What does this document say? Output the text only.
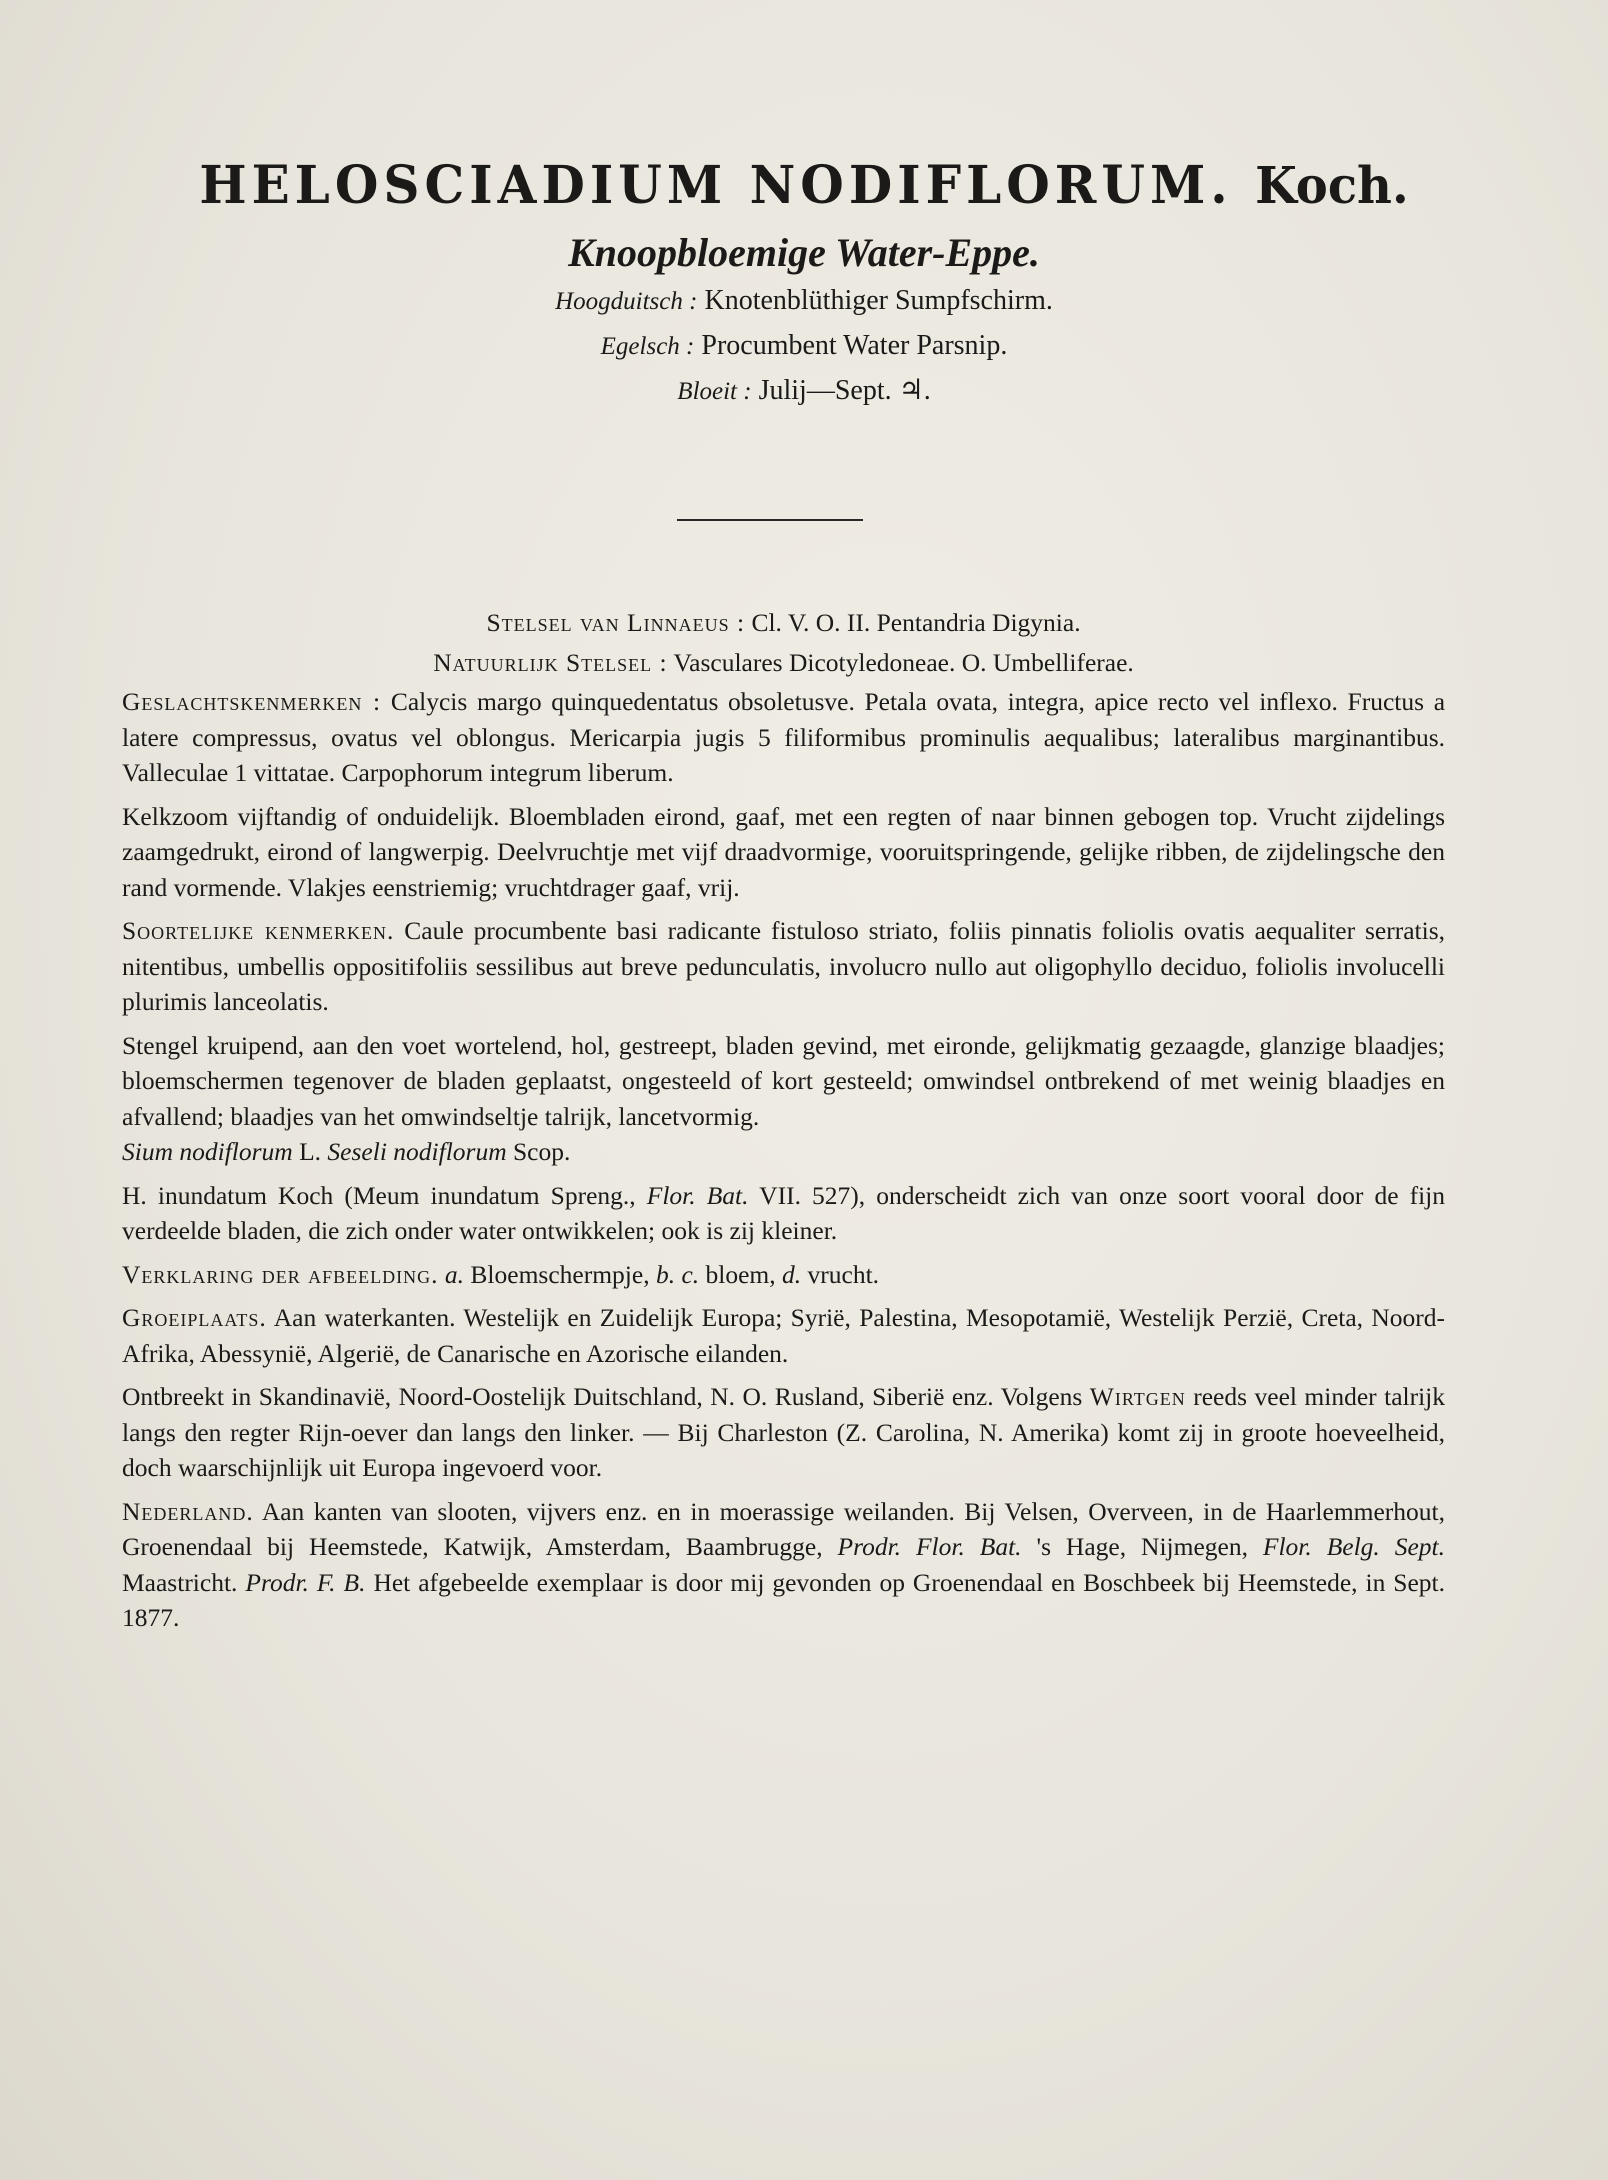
HELOSCIADIUM NODIFLORUM. Koch.

Knoopbloemige Water-Eppe.

Hoogduitsch : Knotenblüthiger Sumpfschirm.

Egelsch : Procumbent Water Parsnip.

Bloeit : Julij—Sept. ♃.

Stelsel van Linnaeus : Cl. V. O. II. Pentandria Digynia.

Natuurlijk Stelsel : Vasculares Dicotyledoneae. O. Umbelliferae.

Geslachtskenmerken : Calycis margo quinquedentatus obsoletusve. Petala ovata, integra, apice recto vel inflexo. Fructus a latere compressus, ovatus vel oblongus. Mericarpia jugis 5 filiformibus prominulis aequalibus; lateralibus marginantibus. Valleculae 1 vittatae. Carpophorum integrum liberum.

Kelkzoom vijftandig of onduidelijk. Bloembladen eirond, gaaf, met een regten of naar binnen gebogen top. Vrucht zijdelings zaamgedrukt, eirond of langwerpig. Deelvruchtje met vijf draadvormige, vooruitspringende, gelijke ribben, de zijdelingsche den rand vormende. Vlakjes eenstriemig; vruchtdrager gaaf, vrij.

Soortelijke kenmerken. Caule procumbente basi radicante fistuloso striato, foliis pinnatis foliolis ovatis aequaliter serratis, nitentibus, umbellis oppositifoliis sessilibus aut breve pedunculatis, involucro nullo aut oligophyllo deciduo, foliolis involucelli plurimis lanceolatis.

Stengel kruipend, aan den voet wortelend, hol, gestreept, bladen gevind, met eironde, gelijkmatig gezaagde, glanzige blaadjes; bloemschermen tegenover de bladen geplaatst, ongesteeld of kort gesteeld; omwindsel ontbrekend of met weinig blaadjes en afvallend; blaadjes van het omwindseltje talrijk, lancetvormig.
Sium nodiflorum L. Seseli nodiflorum Scop.

H. inundatum Koch (Meum inundatum Spreng., Flor. Bat. VII. 527), onderscheidt zich van onze soort vooral door de fijn verdeelde bladen, die zich onder water ontwikkelen; ook is zij kleiner.

Verklaring der afbeelding. a. Bloemschermpje, b. c. bloem, d. vrucht.

Groeiplaats. Aan waterkanten. Westelijk en Zuidelijk Europa; Syrië, Palestina, Mesopotamië, Westelijk Perzië, Creta, Noord-Afrika, Abessynië, Algerië, de Canarische en Azorische eilanden.

Ontbreekt in Skandinavië, Noord-Oostelijk Duitschland, N. O. Rusland, Siberië enz. Volgens Wirtgen reeds veel minder talrijk langs den regter Rijn-oever dan langs den linker. — Bij Charleston (Z. Carolina, N. Amerika) komt zij in groote hoeveelheid, doch waarschijnlijk uit Europa ingevoerd voor.

Nederland. Aan kanten van slooten, vijvers enz. en in moerassige weilanden. Bij Velsen, Overveen, in de Haarlemmerhout, Groenendaal bij Heemstede, Katwijk, Amsterdam, Baambrugge, Prodr. Flor. Bat. 's Hage, Nijmegen, Flor. Belg. Sept. Maastricht. Prodr. F. B. Het afgebeelde exemplaar is door mij gevonden op Groenendaal en Boschbeek bij Heemstede, in Sept. 1877.
